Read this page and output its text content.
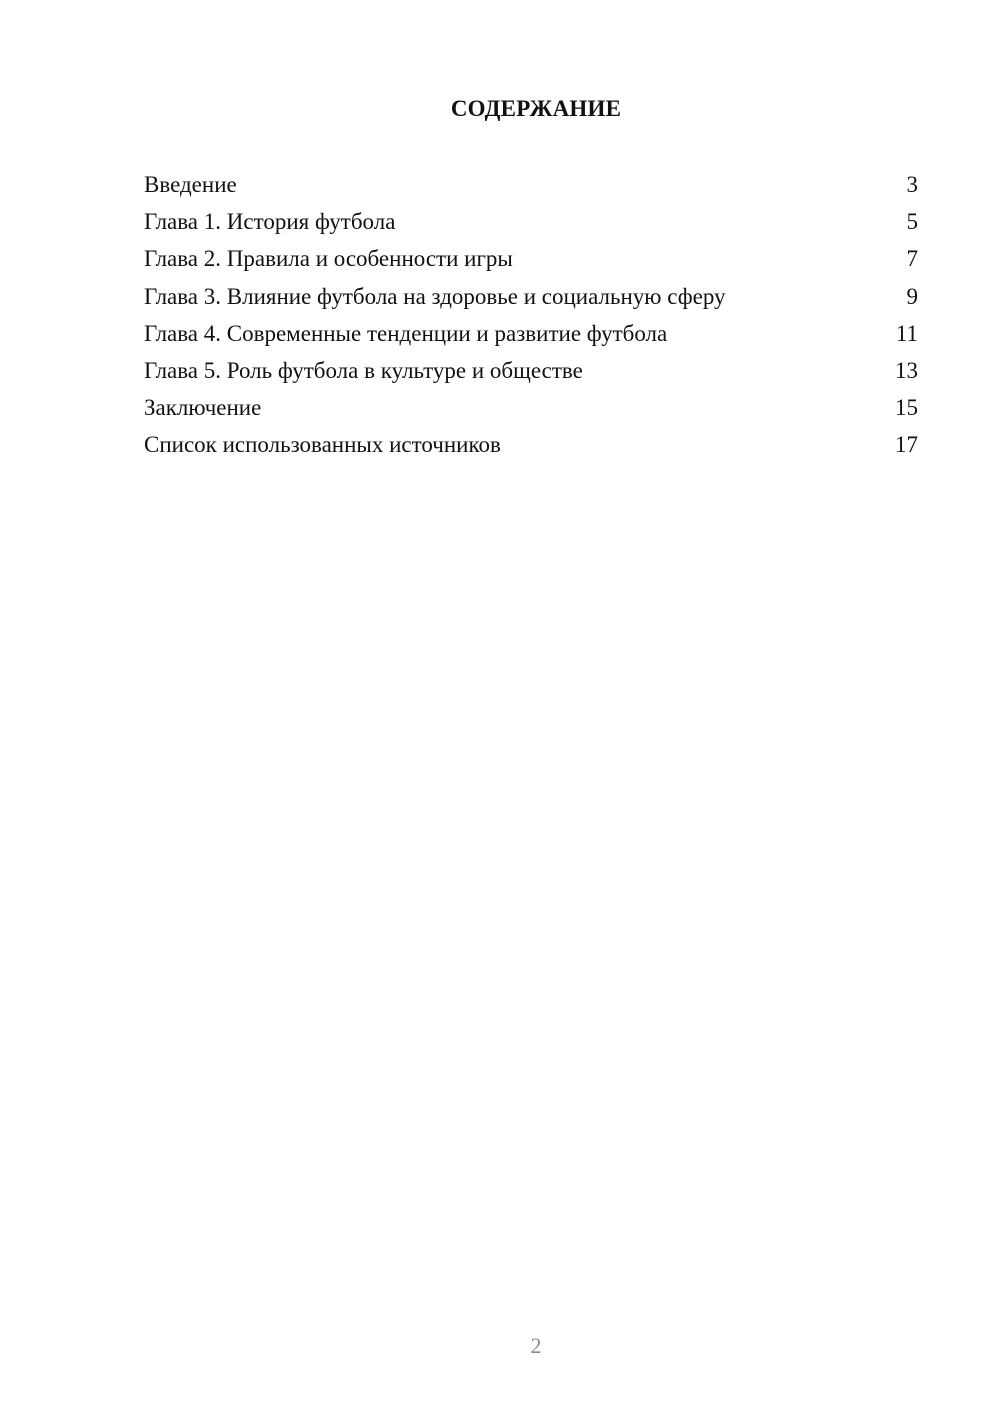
СОДЕРЖАНИЕ
Введение	3
Глава 1. История футбола	5
Глава 2. Правила и особенности игры	7
Глава 3. Влияние футбола на здоровье и социальную сферу	9
Глава 4. Современные тенденции и развитие футбола	11
Глава 5. Роль футбола в культуре и обществе	13
Заключение	15
Список использованных источников	17
2
